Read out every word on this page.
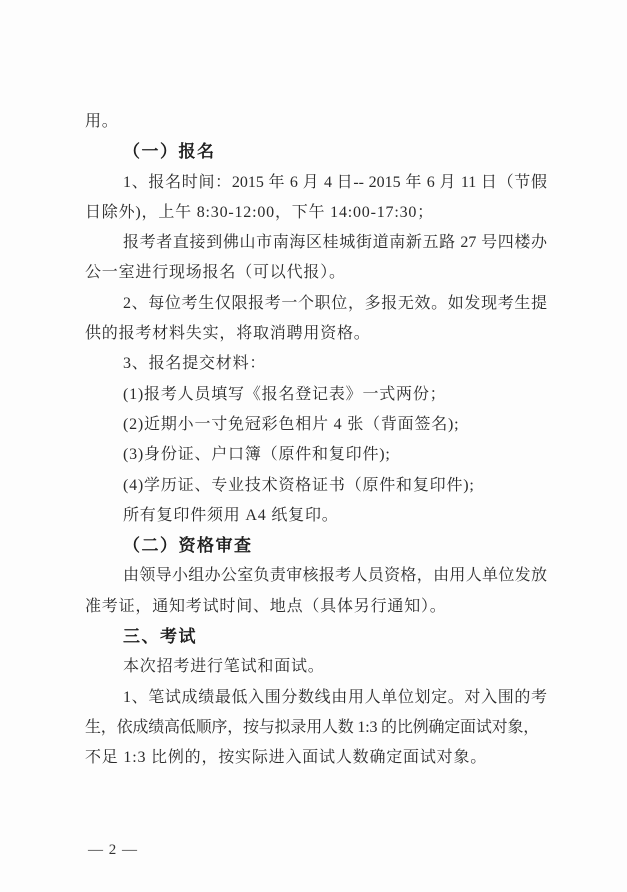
用。
（一）报名
1、报名时间：2015 年 6 月 4 日-- 2015 年 6 月 11 日（节假
日除外)，上午 8:30-12:00，下午 14:00-17:30；
报考者直接到佛山市南海区桂城街道南新五路 27 号四楼办
公一室进行现场报名（可以代报）。
2、每位考生仅限报考一个职位，多报无效。如发现考生提
供的报考材料失实，将取消聘用资格。
3、报名提交材料：
(1)报考人员填写《报名登记表》一式两份；
(2)近期小一寸免冠彩色相片 4 张（背面签名);
(3)身份证、户口簿（原件和复印件);
(4)学历证、专业技术资格证书（原件和复印件);
所有复印件须用 A4 纸复印。
（二）资格审查
由领导小组办公室负责审核报考人员资格，由用人单位发放
准考证，通知考试时间、地点（具体另行通知）。
三、考试
本次招考进行笔试和面试。
1、笔试成绩最低入围分数线由用人单位划定。对入围的考
生，依成绩高低顺序，按与拟录用人数 1:3 的比例确定面试对象，
不足 1:3 比例的，按实际进入面试人数确定面试对象。
— 2 —
